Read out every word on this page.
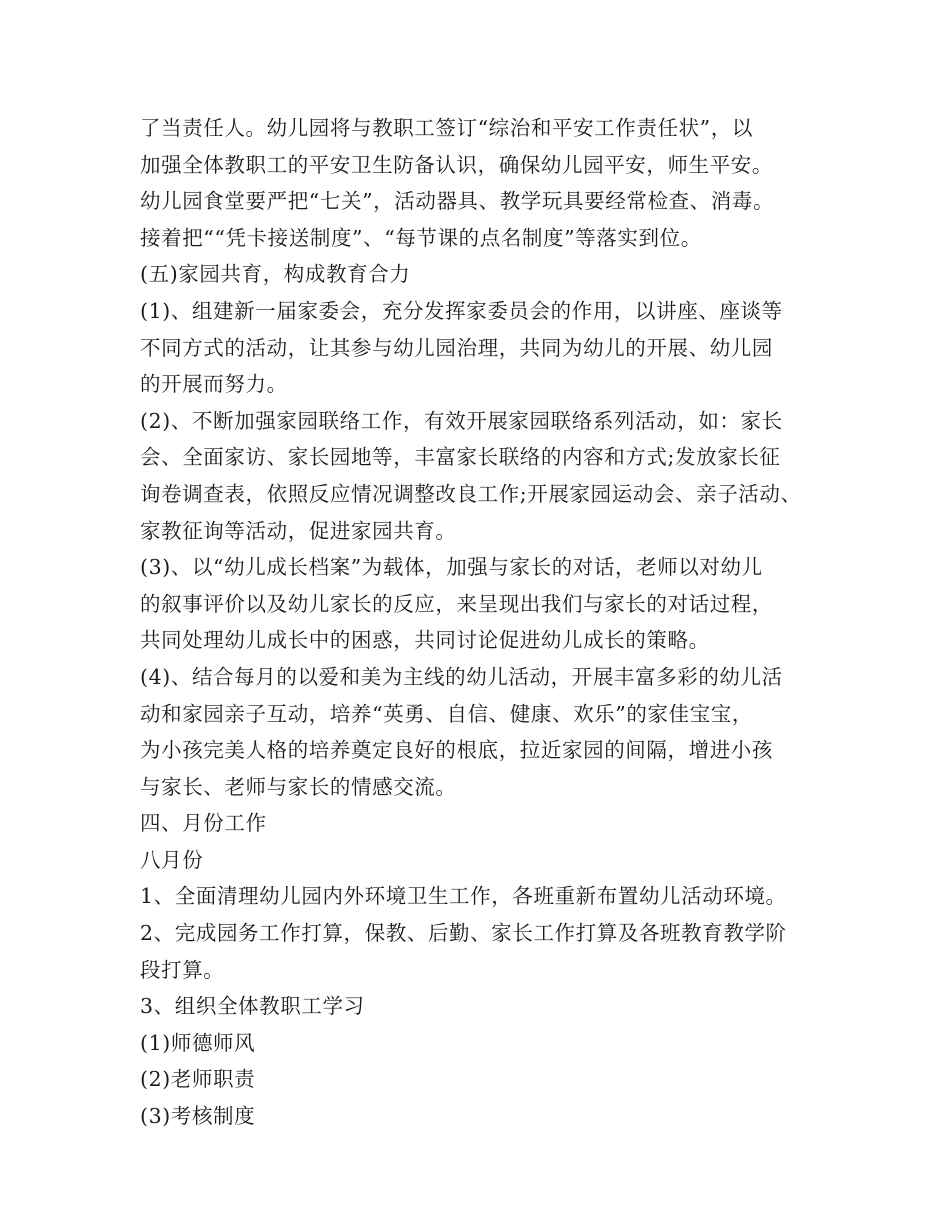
了当责任人。幼儿园将与教职工签订“综治和平安工作责任状”，以
加强全体教职工的平安卫生防备认识，确保幼儿园平安，师生平安。
幼儿园食堂要严把“七关”，活动器具、教学玩具要经常检查、消毒。
接着把““凭卡接送制度”、“每节课的点名制度”等落实到位。
(五)家园共育，构成教育合力
(1)、组建新一届家委会，充分发挥家委员会的作用，以讲座、座谈等
不同方式的活动，让其参与幼儿园治理，共同为幼儿的开展、幼儿园
的开展而努力。
(2)、不断加强家园联络工作，有效开展家园联络系列活动，如：家长
会、全面家访、家长园地等，丰富家长联络的内容和方式;发放家长征
询卷调查表，依照反应情况调整改良工作;开展家园运动会、亲子活动、
家教征询等活动，促进家园共育。
(3)、以“幼儿成长档案”为载体，加强与家长的对话，老师以对幼儿
的叙事评价以及幼儿家长的反应，来呈现出我们与家长的对话过程，
共同处理幼儿成长中的困惑，共同讨论促进幼儿成长的策略。
(4)、结合每月的以爱和美为主线的幼儿活动，开展丰富多彩的幼儿活
动和家园亲子互动，培养“英勇、自信、健康、欢乐”的家佳宝宝，
为小孩完美人格的培养奠定良好的根底，拉近家园的间隔，增进小孩
与家长、老师与家长的情感交流。
四、月份工作
八月份
1、全面清理幼儿园内外环境卫生工作，各班重新布置幼儿活动环境。
2、完成园务工作打算，保教、后勤、家长工作打算及各班教育教学阶
段打算。
3、组织全体教职工学习
(1)师德师风
(2)老师职责
(3)考核制度
